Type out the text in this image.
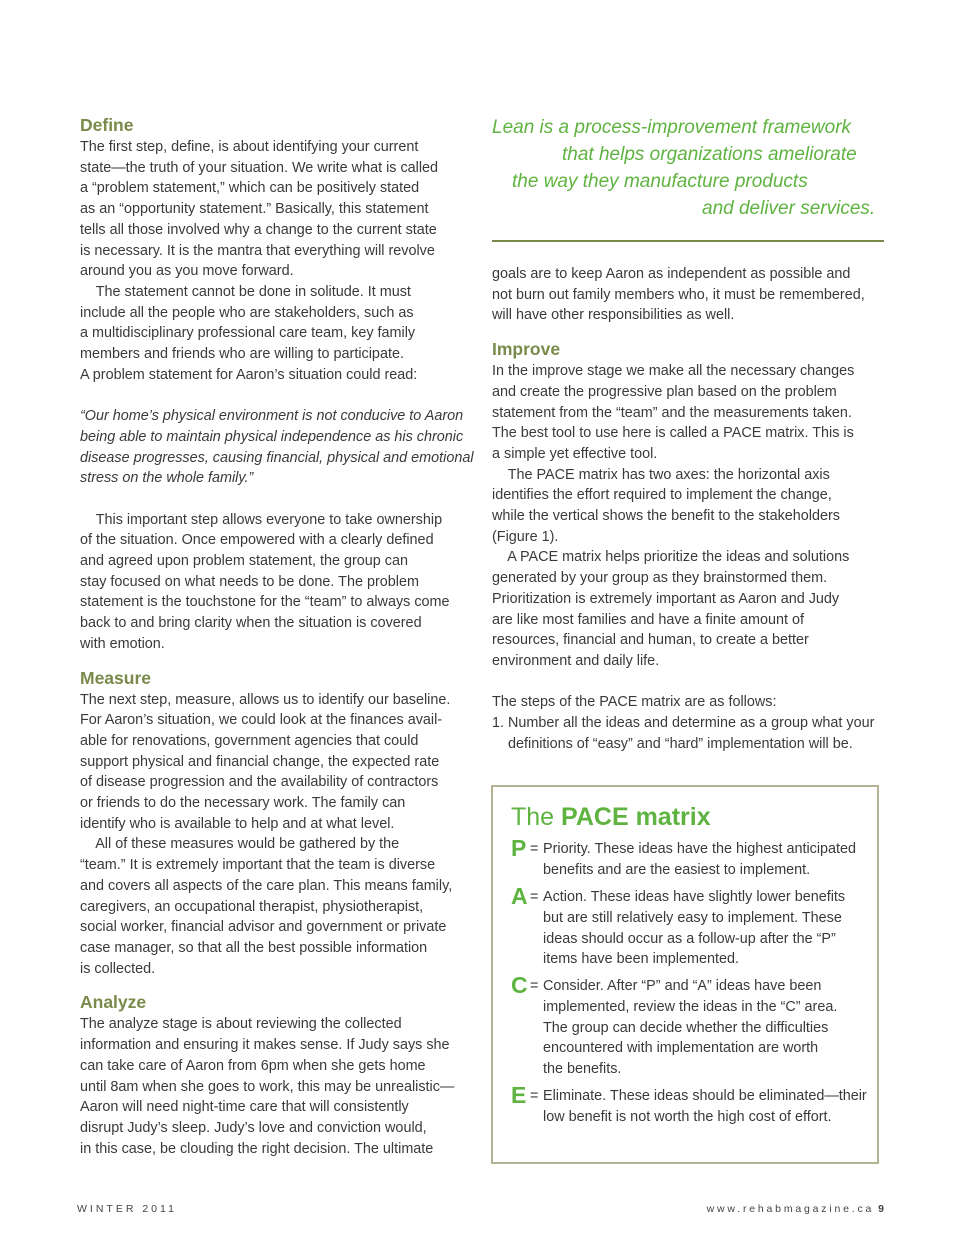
Define
The first step, define, is about identifying your current
state—the truth of your situation. We write what is called
a “problem statement,” which can be positively stated
as an “opportunity statement.” Basically, this statement
tells all those involved why a change to the current state
is necessary. It is the mantra that everything will revolve
around you as you move forward.
The statement cannot be done in solitude. It must
include all the people who are stakeholders, such as
a multidisciplinary professional care team, key family
members and friends who are willing to participate.
A problem statement for Aaron’s situation could read:
“Our home’s physical environment is not conducive to Aaron
being able to maintain physical independence as his chronic
disease progresses, causing financial, physical and emotional
stress on the whole family.”
This important step allows everyone to take ownership
of the situation. Once empowered with a clearly defined
and agreed upon problem statement, the group can
stay focused on what needs to be done. The problem
statement is the touchstone for the “team” to always come
back to and bring clarity when the situation is covered
with emotion.
Measure
The next step, measure, allows us to identify our baseline.
For Aaron’s situation, we could look at the finances avail-
able for renovations, government agencies that could
support physical and financial change, the expected rate
of disease progression and the availability of contractors
or friends to do the necessary work. The family can
identify who is available to help and at what level.
All of these measures would be gathered by the
“team.” It is extremely important that the team is diverse
and covers all aspects of the care plan. This means family,
caregivers, an occupational therapist, physiotherapist,
social worker, financial advisor and government or private
case manager, so that all the best possible information
is collected.
Analyze
The analyze stage is about reviewing the collected
information and ensuring it makes sense. If Judy says she
can take care of Aaron from 6pm when she gets home
until 8am when she goes to work, this may be unrealistic—
Aaron will need night-time care that will consistently
disrupt Judy’s sleep. Judy’s love and conviction would,
in this case, be clouding the right decision. The ultimate
Lean is a process-improvement framework
that helps organizations ameliorate
the way they manufacture products
and deliver services.
goals are to keep Aaron as independent as possible and
not burn out family members who, it must be remembered,
will have other responsibilities as well.
Improve
In the improve stage we make all the necessary changes
and create the progressive plan based on the problem
statement from the “team” and the measurements taken.
The best tool to use here is called a PACE matrix. This is
a simple yet effective tool.
The PACE matrix has two axes: the horizontal axis
identifies the effort required to implement the change,
while the vertical shows the benefit to the stakeholders
(Figure 1).
A PACE matrix helps prioritize the ideas and solutions
generated by your group as they brainstormed them.
Prioritization is extremely important as Aaron and Judy
are like most families and have a finite amount of
resources, financial and human, to create a better
environment and daily life.
The steps of the PACE matrix are as follows:
1. Number all the ideas and determine as a group what your
definitions of “easy” and “hard” implementation will be.
The PACE matrix
P = Priority. These ideas have the highest anticipated
benefits and are the easiest to implement.
A = Action. These ideas have slightly lower benefits
but are still relatively easy to implement. These
ideas should occur as a follow-up after the “P”
items have been implemented.
C = Consider. After “P” and “A” ideas have been
implemented, review the ideas in the “C” area.
The group can decide whether the difficulties
encountered with implementation are worth
the benefits.
E = Eliminate. These ideas should be eliminated—their
low benefit is not worth the high cost of effort.
WINTER 2011	www.rehabmagazine.ca 9
